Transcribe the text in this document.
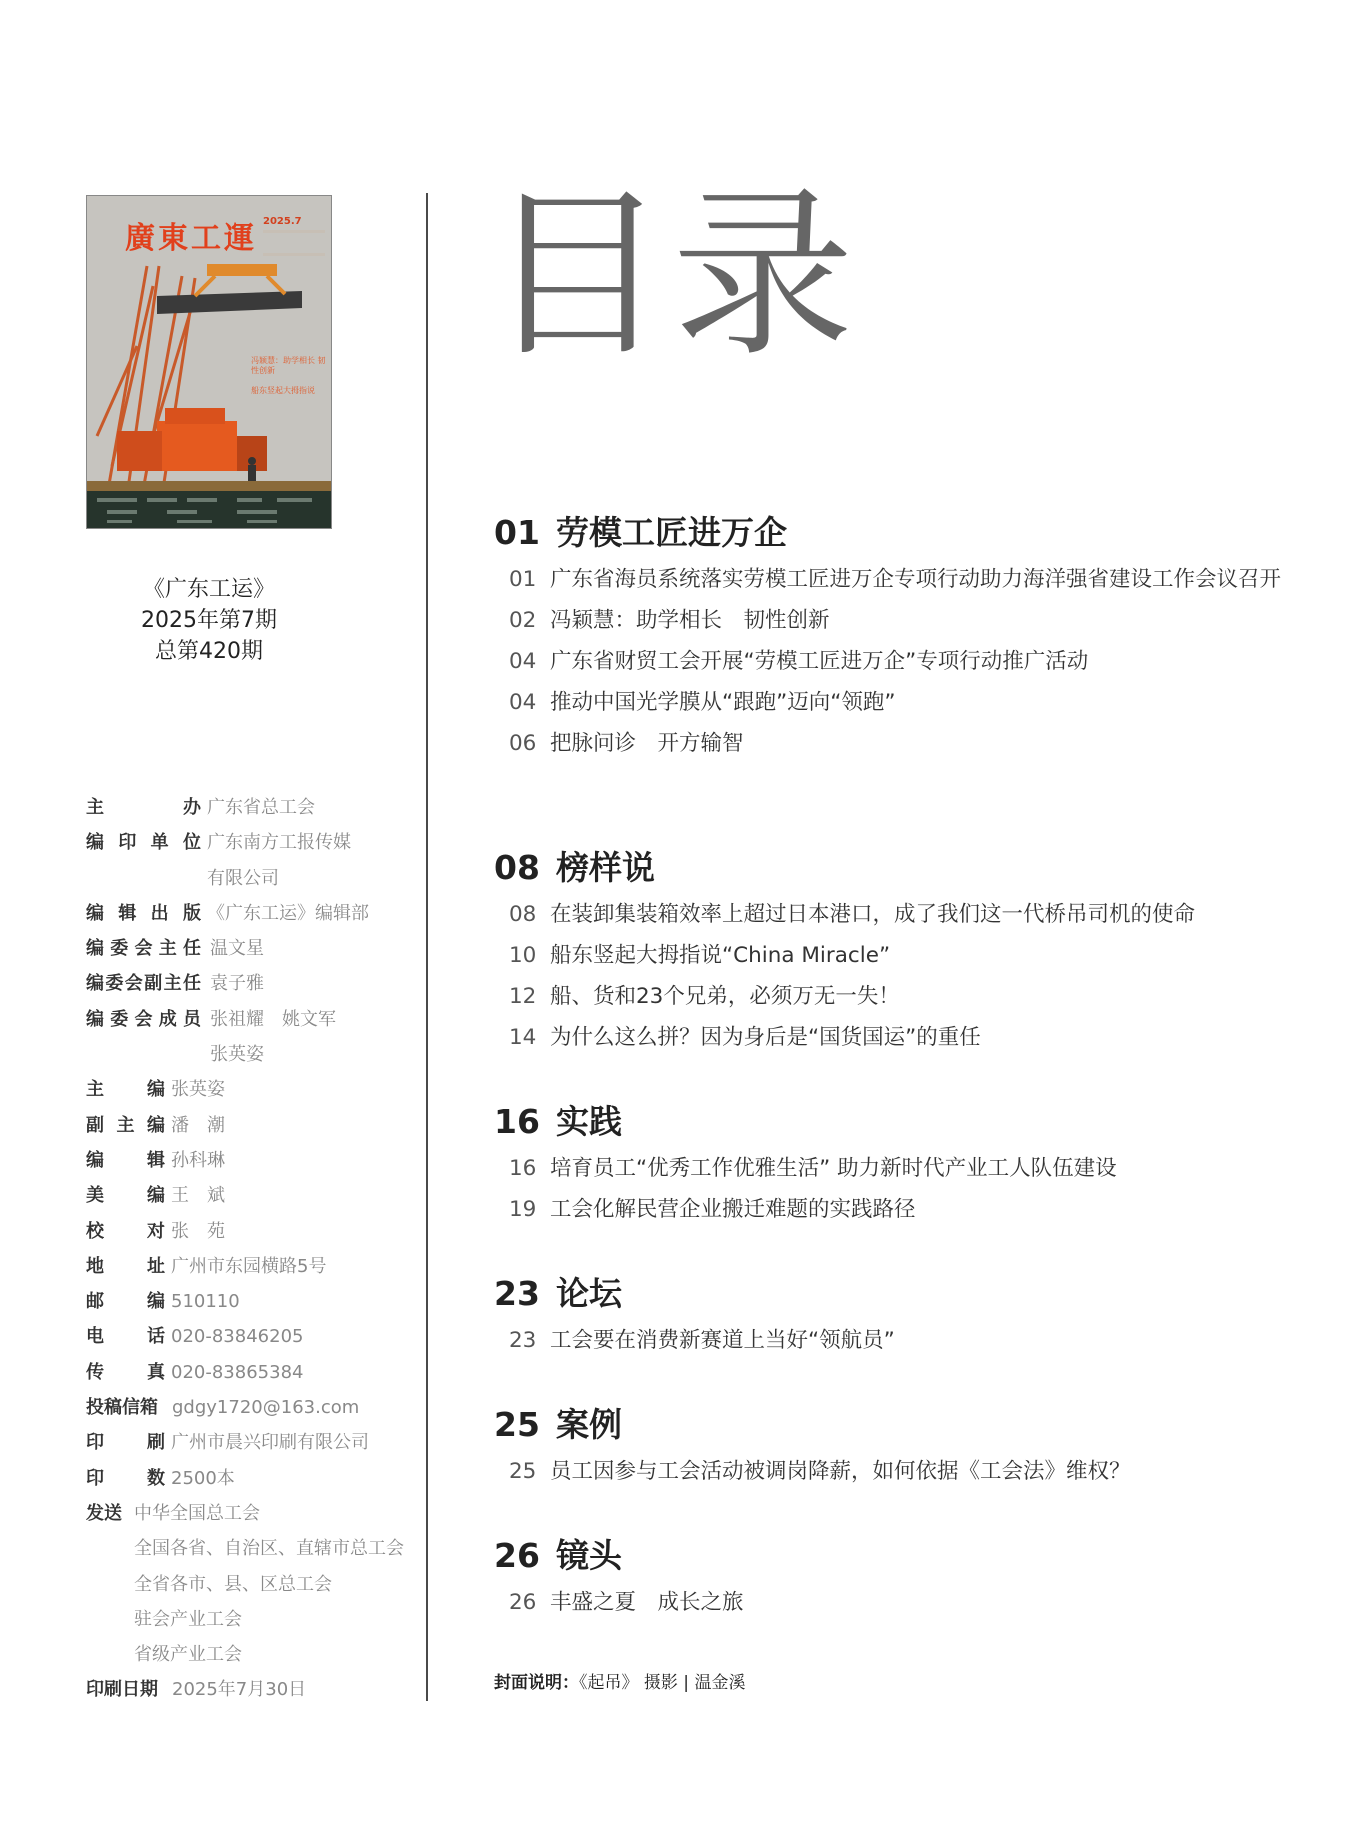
廣東工運 2025.7
冯颖慧：助学相长 韧性创新
船东竖起大拇指说
《广东工运》
2025年第7期
总第420期
主办 广东省总工会
编印单位 广东南方工报传媒
有限公司
编辑出版 《广东工运》编辑部
编委会主任 温文星
编委会副主任 袁子雅
编委会成员 张祖耀　姚文军
张英姿
主编 张英姿
副主编 潘　潮
编辑 孙科琳
美编 王　斌
校对 张　苑
地址 广州市东园横路5号
邮编 510110
电话 020-83846205
传真 020-83865384
投稿信箱 gdgy1720@163.com
印刷 广州市晨兴印刷有限公司
印数 2500本
发送 中华全国总工会
全国各省、自治区、直辖市总工会
全省各市、县、区总工会
驻会产业工会
省级产业工会
印刷日期 2025年7月30日
目录
01 劳模工匠进万企
01 广东省海员系统落实劳模工匠进万企专项行动助力海洋强省建设工作会议召开
02 冯颖慧：助学相长　韧性创新
04 广东省财贸工会开展“劳模工匠进万企”专项行动推广活动
04 推动中国光学膜从“跟跑”迈向“领跑”
06 把脉问诊　开方输智
08 榜样说
08 在装卸集装箱效率上超过日本港口，成了我们这一代桥吊司机的使命
10 船东竖起大拇指说“China Miracle”
12 船、货和23个兄弟，必须万无一失！
14 为什么这么拼？因为身后是“国货国运”的重任
16 实践
16 培育员工“优秀工作优雅生活” 助力新时代产业工人队伍建设
19 工会化解民营企业搬迁难题的实践路径
23 论坛
23 工会要在消费新赛道上当好“领航员”
25 案例
25 员工因参与工会活动被调岗降薪，如何依据《工会法》维权？
26 镜头
26 丰盛之夏　成长之旅
封面说明：《起吊》 摄影 | 温金溪
